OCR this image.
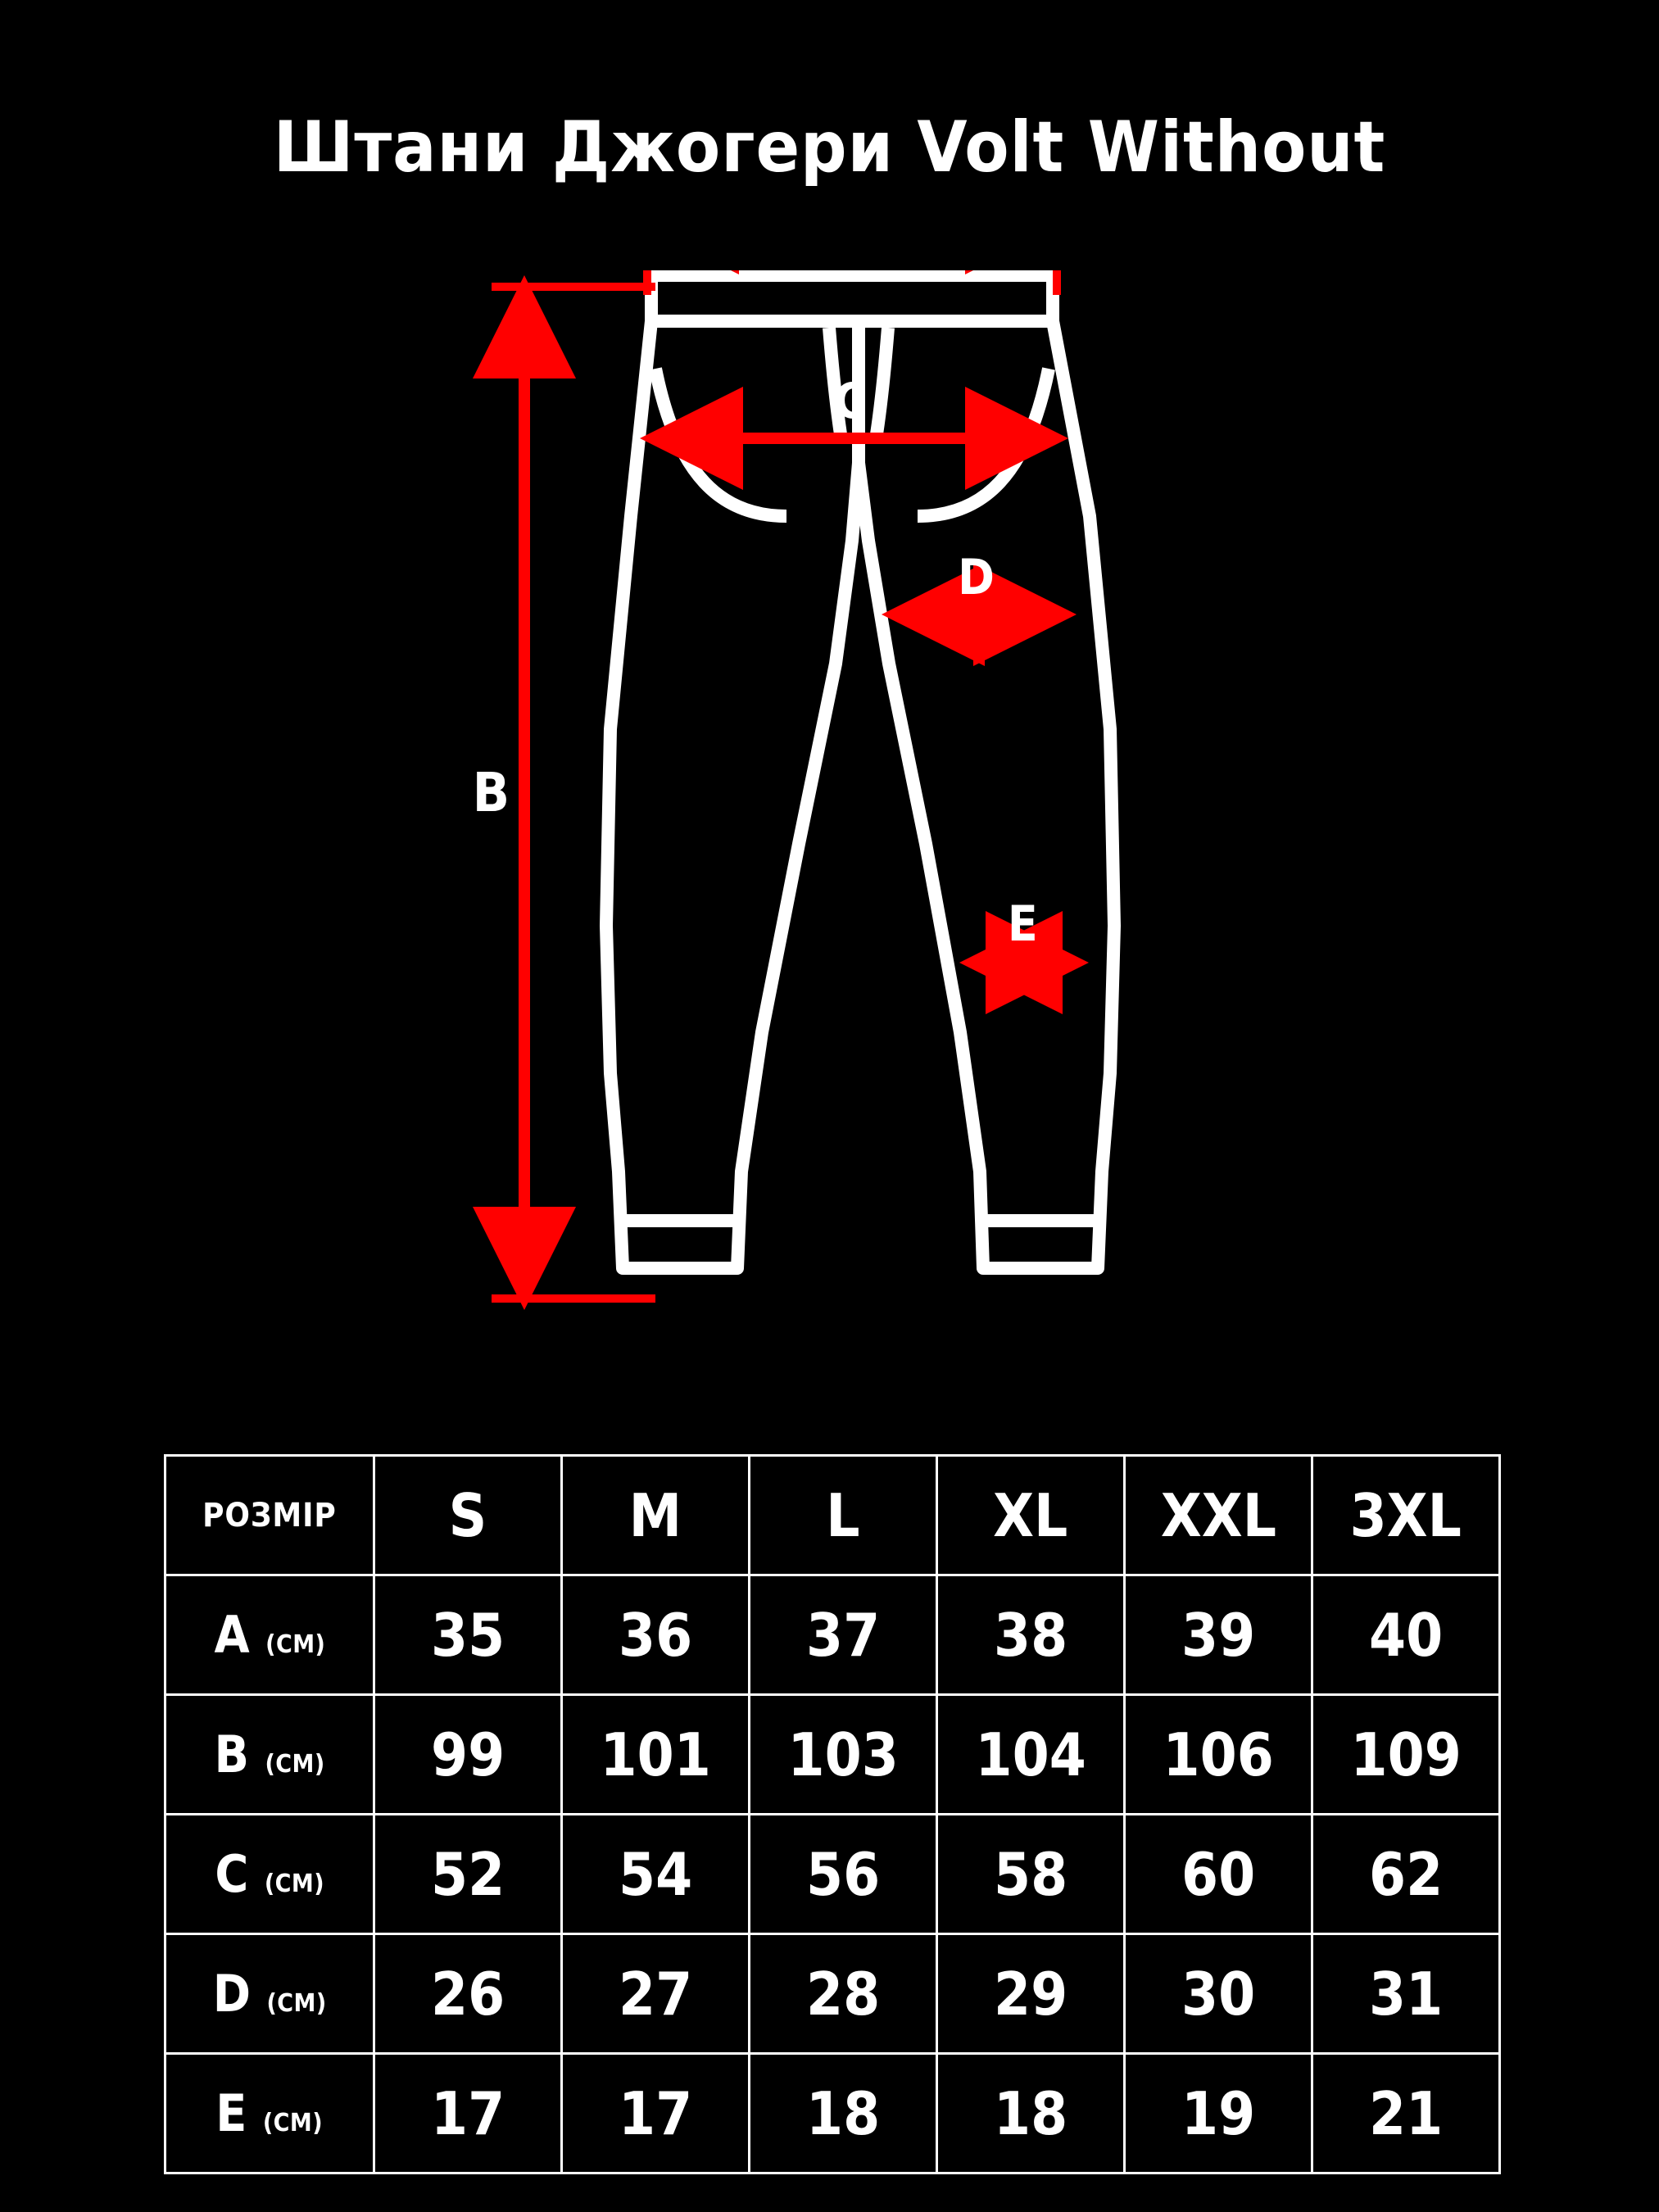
Штани Джогери Volt Without
B
C
D
E
РОЗМІР	S	M	L	XL	XXL	3XL
A (СМ)	35	36	37	38	39	40
B (СМ)	99	101	103	104	106	109
C (СМ)	52	54	56	58	60	62
D (СМ)	26	27	28	29	30	31
E (СМ)	17	17	18	18	19	21
